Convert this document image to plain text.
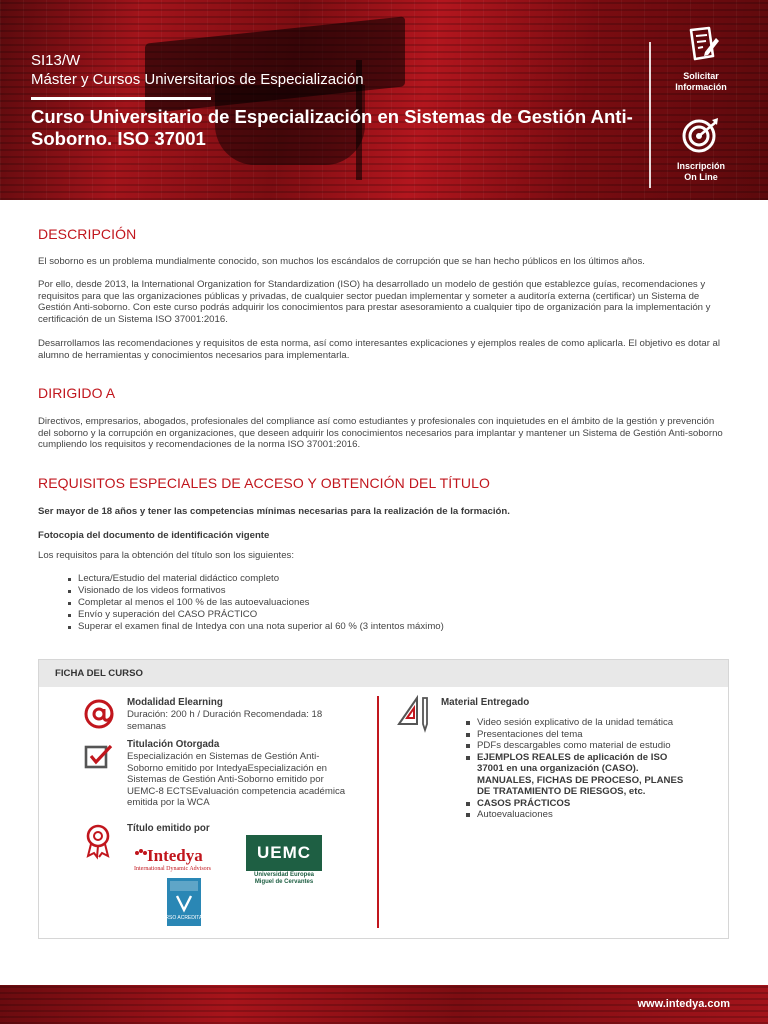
SI13/W
Máster y Cursos Universitarios de Especialización
Curso Universitario de Especialización en Sistemas de Gestión Anti-Soborno. ISO 37001
Solicitar
Información
Inscripción
On Line
DESCRIPCIÓN
El soborno es un problema mundialmente conocido, son muchos los escándalos de corrupción que se han hecho públicos en los últimos años.
Por ello, desde 2013, la International Organization for Standardization (ISO) ha desarrollado un modelo de gestión que establezce guías, recomendaciones y requisitos para que las organizaciones públicas y privadas, de cualquier sector puedan implementar y someter a auditoría externa (certificar) un Sistema de Gestión Anti-soborno. Con este curso podrás adquirir los conocimientos para prestar asesoramiento a cualquier tipo de organización para la implementación y certificación de un Sistema ISO 37001:2016.
Desarrollamos las recomendaciones y requisitos de esta norma, así como interesantes explicaciones y ejemplos reales de como aplicarla. El objetivo es dotar al alumno de herramientas y conocimientos necesarios para implementarla.
DIRIGIDO A
Directivos, empresarios, abogados, profesionales del compliance así como estudiantes y profesionales con inquietudes en el ámbito de la gestión y prevención del soborno y la corrupción en organizaciones, que deseen adquirir los conocimientos necesarios para implantar y mantener un Sistema de Gestión Anti-soborno cumpliendo los requisitos y recomendaciones de la norma ISO 37001:2016.
REQUISITOS ESPECIALES DE ACCESO Y OBTENCIÓN DEL TÍTULO
Ser mayor de 18 años y tener las competencias mínimas necesarias para la realización de la formación.
Fotocopia del documento de identificación vigente
Los requisitos para la obtención del título son los siguientes:
Lectura/Estudio del material didáctico completo
Visionado de los videos formativos
Completar al menos el 100 % de las autoevaluaciones
Envío y superación del CASO PRÁCTICO
Superar el examen final de Intedya con una nota superior al 60 % (3 intentos máximo)
FICHA DEL CURSO
Modalidad Elearning
Duración: 200 h / Duración Recomendada: 18 semanas
Titulación Otorgada
Especialización en Sistemas de Gestión Anti-Soborno emitido por IntedyaEspecialización en Sistemas de Gestión Anti-Soborno emitido por UEMC-8 ECTSEvaluación competencia académica emitida por la WCA
Título emitido por
Intedya
International Dynamic Advisors
UEMC
Universidad Europea
Miguel de Cervantes
CURSO ACREDITADO
Material Entregado
Video sesión explicativo de la unidad temática
Presentaciones del tema
PDFs descargables como material de estudio
EJEMPLOS REALES de aplicación de ISO 37001 en una organización (CASO). MANUALES, FICHAS DE PROCESO, PLANES DE TRATAMIENTO DE RIESGOS, etc.
CASOS PRÁCTICOS
Autoevaluaciones
www.intedya.com
